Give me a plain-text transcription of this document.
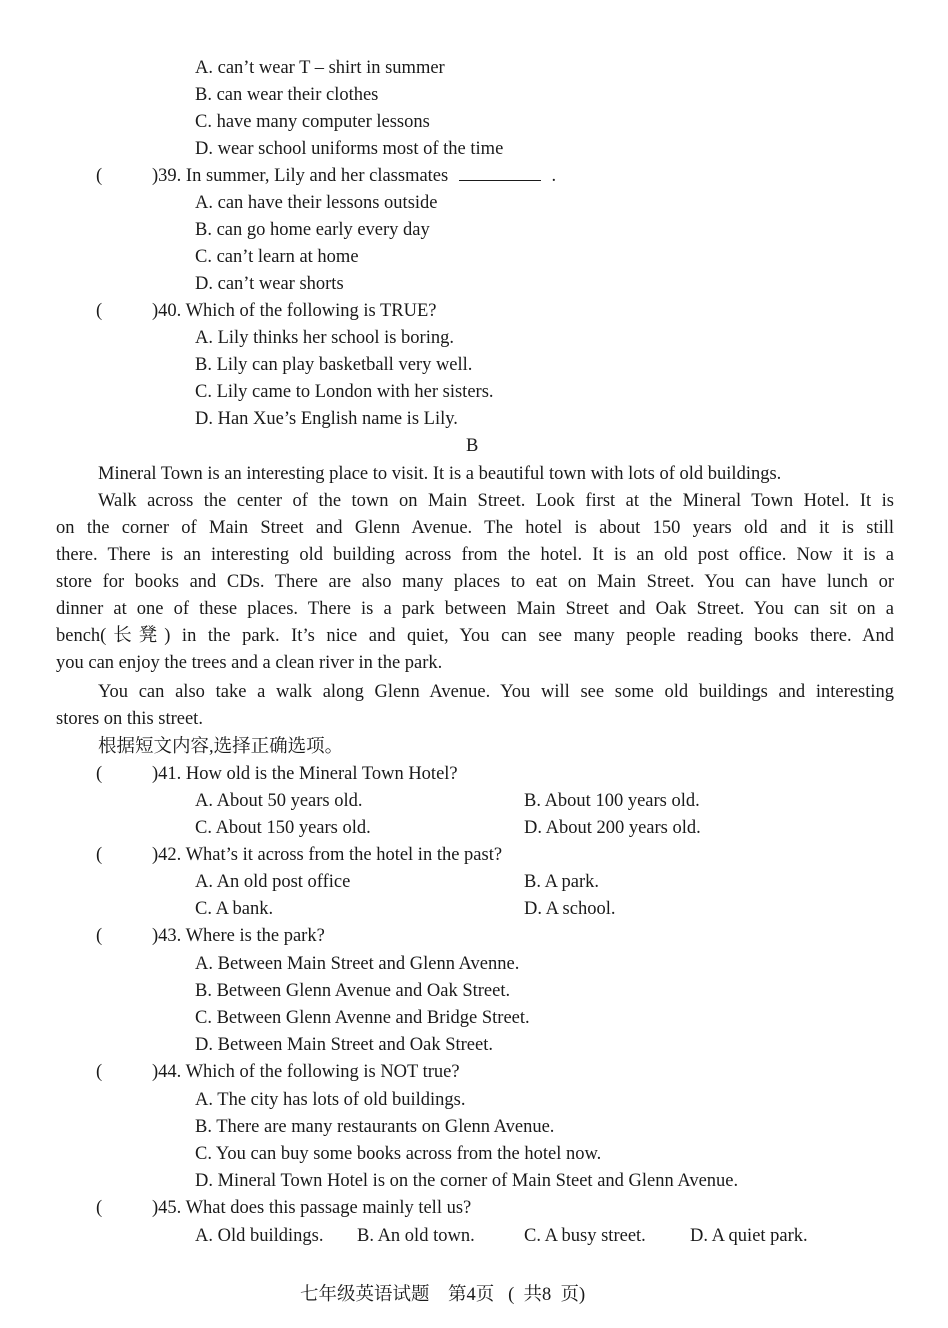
A. can’t wear T – shirt in summer
B. can wear their clothes
C. have many computer lessons
D. wear school uniforms most of the time
(	)39. In summer, Lily and her classmates	.
A. can have their lessons outside
B. can go home early every day
C. can’t learn at home
D. can’t wear shorts
(	)40. Which of the following is TRUE?
A. Lily thinks her school is boring.
B. Lily can play basketball very well.
C. Lily came to London with her sisters.
D. Han Xue’s English name is Lily.
B
Mineral Town is an interesting place to visit. It is a beautiful town with lots of old buildings.
Walk across the center of the town on Main Street. Look first at the Mineral Town Hotel. It is
on the corner of Main Street and Glenn Avenue. The hotel is about 150 years old and it is still
there. There is an interesting old building across from the hotel. It is an old post office. Now it is a
store for books and CDs. There are also many places to eat on Main Street. You can have lunch or
dinner at one of these places. There is a park between Main Street and Oak Street. You can sit on a
bench(长凳) in the park. It’s nice and quiet, You can see many people reading books there. And
you can enjoy the trees and a clean river in the park.
You can also take a walk along Glenn Avenue. You will see some old buildings and interesting
stores on this street.
根据短文内容,选择正确选项。
(	)41. How old is the Mineral Town Hotel?
A. About 50 years old.	B. About 100 years old.
C. About 150 years old.	D. About 200 years old.
(	)42. What’s it across from the hotel in the past?
A. An old post office	B. A park.
C. A bank.	D. A school.
(	)43. Where is the park?
A. Between Main Street and Glenn Avenne.
B. Between Glenn Avenue and Oak Street.
C. Between Glenn Avenne and Bridge Street.
D. Between Main Street and Oak Street.
(	)44. Which of the following is NOT true?
A. The city has lots of old buildings.
B. There are many restaurants on Glenn Avenue.
C. You can buy some books across from the hotel now.
D. Mineral Town Hotel is on the corner of Main Steet and Glenn Avenue.
(	)45. What does this passage mainly tell us?
A. Old buildings. B. An old town.	C. A busy street. D. A quiet park.
七年级英语试题    第4页   (  共8  页)
